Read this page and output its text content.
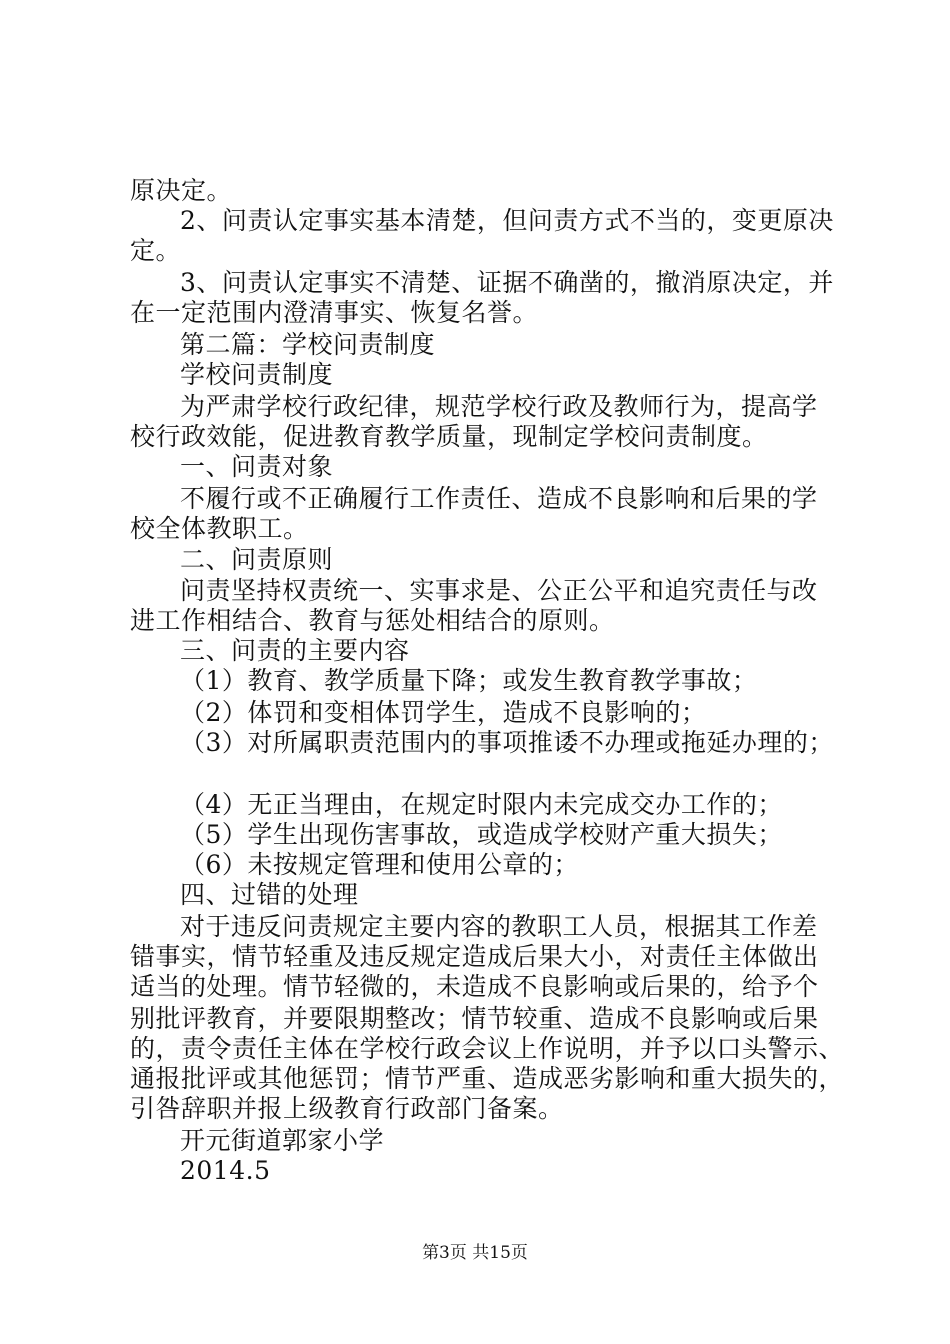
原决定。
2、问责认定事实基本清楚，但问责方式不当的，变更原决
定。
3、问责认定事实不清楚、证据不确凿的，撤消原决定，并
在一定范围内澄清事实、恢复名誉。
第二篇：学校问责制度
学校问责制度
为严肃学校行政纪律，规范学校行政及教师行为，提高学
校行政效能，促进教育教学质量，现制定学校问责制度。
一、问责对象
不履行或不正确履行工作责任、造成不良影响和后果的学
校全体教职工。
二、问责原则
问责坚持权责统一、实事求是、公正公平和追究责任与改
进工作相结合、教育与惩处相结合的原则。
三、问责的主要内容
（1）教育、教学质量下降；或发生教育教学事故；
（2）体罚和变相体罚学生，造成不良影响的；
（3）对所属职责范围内的事项推诿不办理或拖延办理的；
（4）无正当理由，在规定时限内未完成交办工作的；
（5）学生出现伤害事故，或造成学校财产重大损失；
（6）未按规定管理和使用公章的；
四、过错的处理
对于违反问责规定主要内容的教职工人员，根据其工作差
错事实，情节轻重及违反规定造成后果大小，对责任主体做出
适当的处理。情节轻微的，未造成不良影响或后果的，给予个
别批评教育，并要限期整改；情节较重、造成不良影响或后果
的，责令责任主体在学校行政会议上作说明，并予以口头警示、
通报批评或其他惩罚；情节严重、造成恶劣影响和重大损失的，
引咎辞职并报上级教育行政部门备案。
开元街道郭家小学
2014.5
第3页 共15页
